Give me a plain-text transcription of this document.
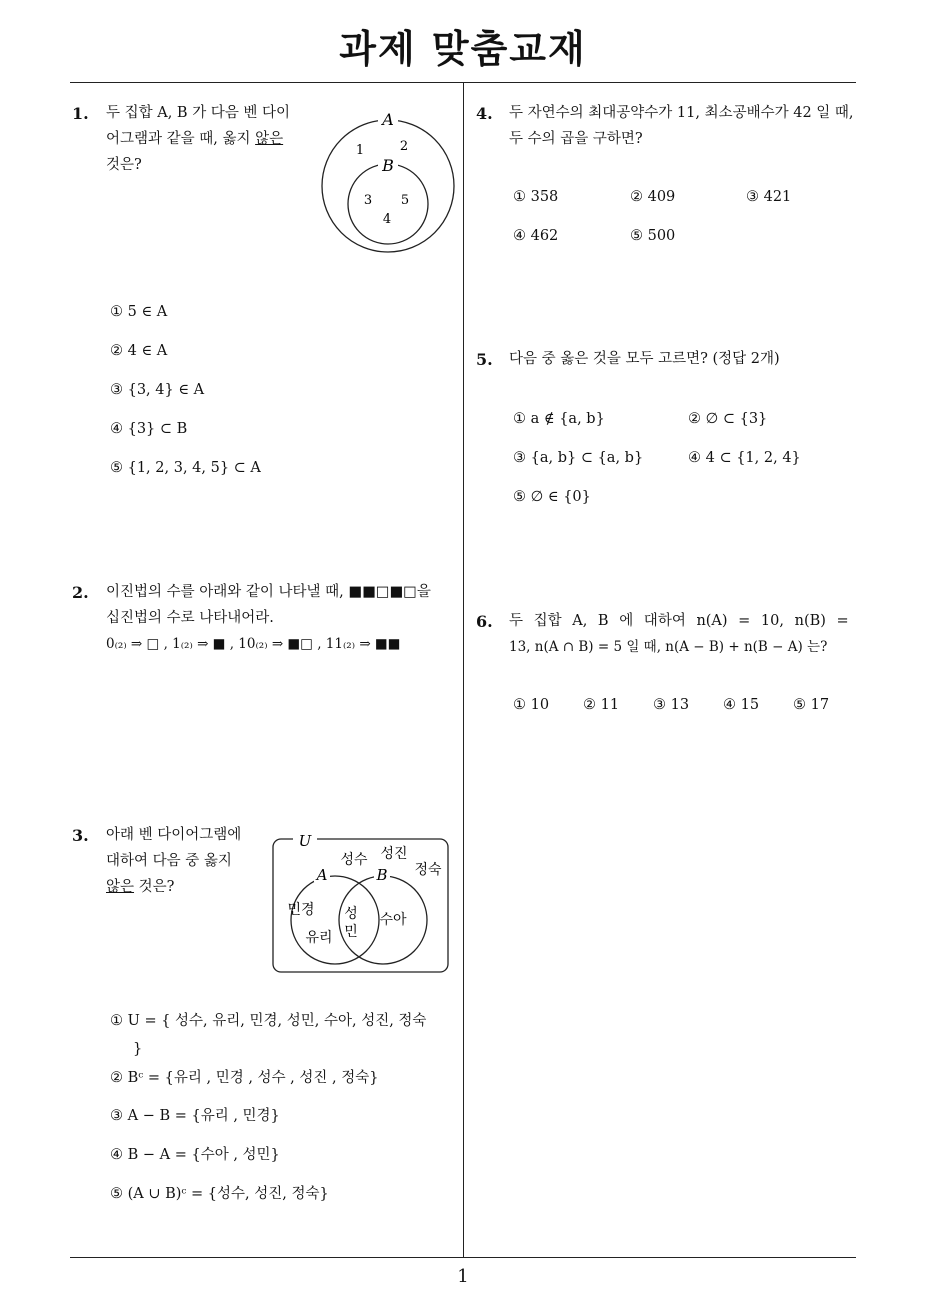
과제 맞춤교재
1
1. 두 집합 A, B 가 다음 벤 다이
어그램과 같을 때, 옳지 않은
것은?
A
1	2
B
3 5
4
① 5 ∈ A
② 4 ∈ A
③ {3, 4} ∈ A
④ {3} ⊂ B
⑤ {1, 2, 3, 4, 5} ⊂ A
2. 이진법의 수를 아래와 같이 나타낼 때, ■■□■□을
십진법의 수로 나타내어라.
0₍₂₎ ⇒ □ , 1₍₂₎ ⇒ ■ , 10₍₂₎ ⇒ ■□ , 11₍₂₎ ⇒ ■■
3. 아래 벤 다이어그램에
대하여 다음 중 옳지
않은 것은?
U
A	B
성수 성진
정숙
민경
유리
성
민
수아
① U = { 성수, 유리, 민경, 성민, 수아, 성진, 정숙
}
② Bᶜ = {유리 , 민경 , 성수 , 성진 , 정숙}
③ A − B = {유리 , 민경}
④ B − A = {수아 , 성민}
⑤ (A ∪ B)ᶜ = {성수, 성진, 정숙}
4. 두 자연수의 최대공약수가 11, 최소공배수가 42 일 때,
두 수의 곱을 구하면?
① 358	② 409	③ 421
④ 462	⑤ 500
5. 다음 중 옳은 것을 모두 고르면? (정답 2개)
① a ∉ {a, b}	② ∅ ⊂ {3}
③ {a, b} ⊂ {a, b}	④ 4 ⊂ {1, 2, 4}
⑤ ∅ ∈ {0}
6. 두 집합 A, B 에 대하여 n(A) = 10, n(B) =
13, n(A ∩ B) = 5 일 때, n(A − B) + n(B − A) 는?
① 10 ② 11 ③ 13 ④ 15 ⑤ 17
